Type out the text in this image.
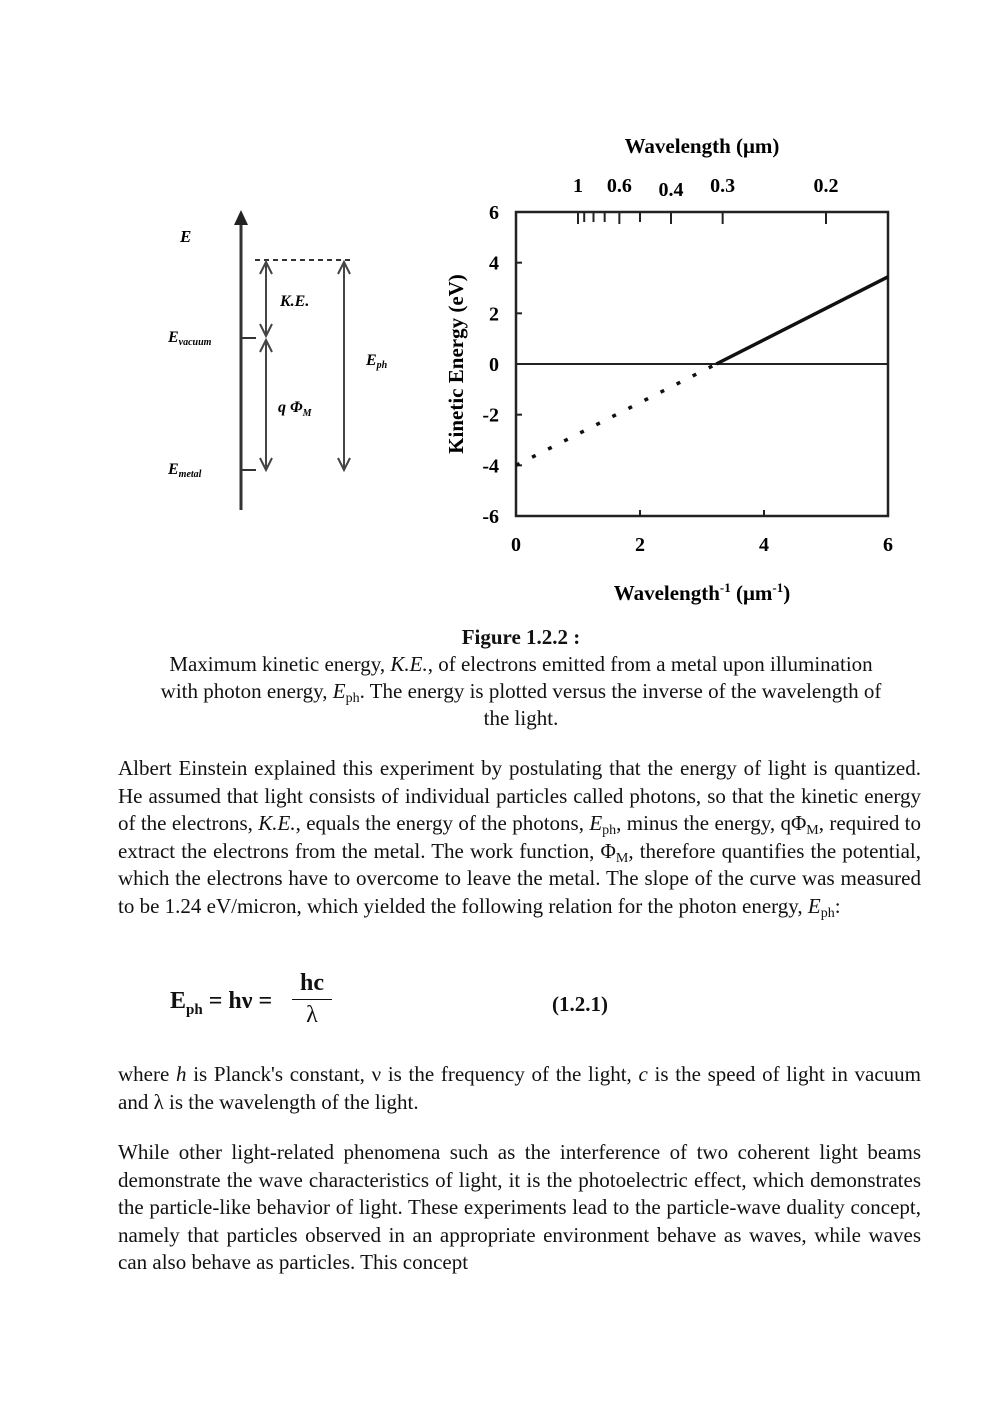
E
K.E.
Evacuum
Emetal
Eph
q $\Phi_M$
6
4
2
0
-2
-4
-6
0	2	4	6
1 0.6 0.4 0.3	0.2
Wavelength (μm)
Kinetic Energy (eV)
Wavelength$^{-1}$ $(\mu m^{-1})$
Figure 1.2.2 :
Maximum kinetic energy, K.E., of electrons emitted from a metal upon illumination
with photon energy, $E_{ph}$. The energy is plotted versus the inverse of the wavelength of
the light.
Albert Einstein explained this experiment by postulating that the energy of light is quantized. He assumed that light consists of individual particles called photons, so that the kinetic energy of the electrons, K.E., equals the energy of the photons, $E_{ph}$, minus the energy, $q\Phi_M$, required to extract the electrons from the metal. The work function, $\Phi_M$, therefore quantifies the potential, which the electrons have to overcome to leave the metal. The slope of the curve was measured to be 1.24 eV/micron, which yielded the following relation for the photon energy, $E_{ph}$:
$E_{ph} = h\nu = \frac{hc}{\lambda}$	(1.2.1)
where h is Planck's constant, ν is the frequency of the light, c is the speed of light in vacuum and λ is the wavelength of the light.
While other light-related phenomena such as the interference of two coherent light beams demonstrate the wave characteristics of light, it is the photoelectric effect, which demonstrates the particle-like behavior of light. These experiments lead to the particle-wave duality concept, namely that particles observed in an appropriate environment behave as waves, while waves can also behave as particles. This concept
